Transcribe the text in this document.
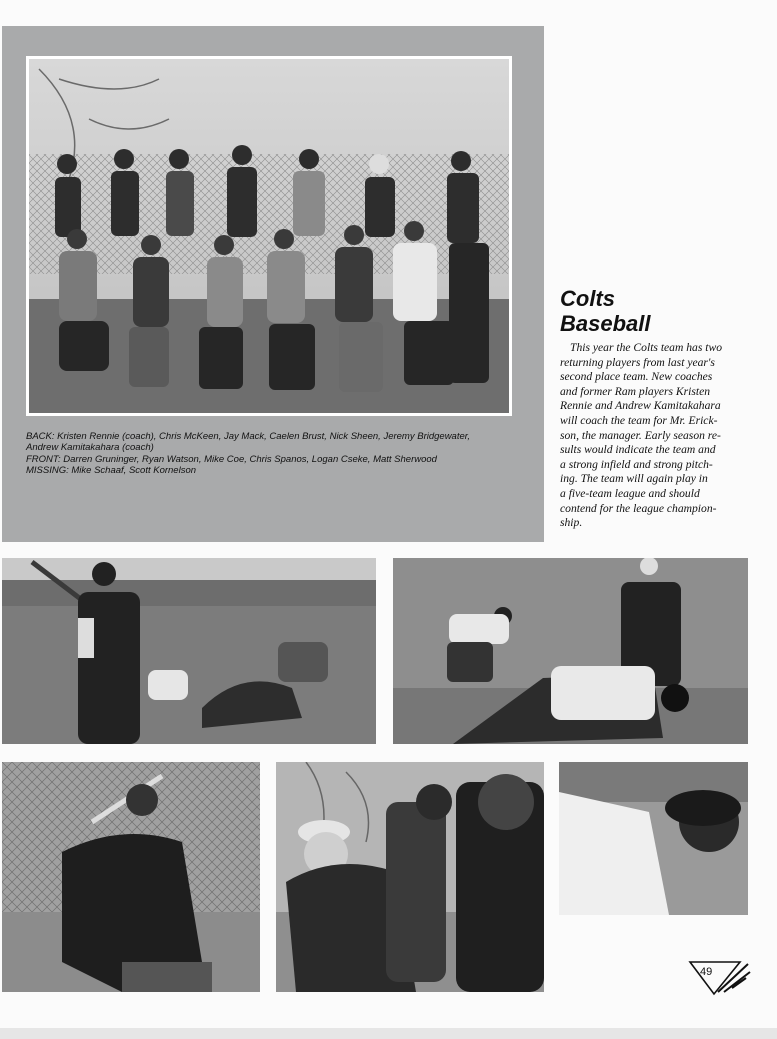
BACK: Kristen Rennie (coach), Chris McKeen, Jay Mack, Caelen Brust, Nick Sheen, Jeremy Bridgewater,
Andrew Kamitakahara (coach)
FRONT: Darren Gruninger, Ryan Watson, Mike Coe, Chris Spanos, Logan Cseke, Matt Sherwood
MISSING: Mike Schaaf, Scott Kornelson
Colts
Baseball
This year the Colts team has two
returning players from last year's
second place team. New coaches
and former Ram players Kristen
Rennie and Andrew Kamitakahara
will coach the team for Mr. Erick-
son, the manager. Early season re-
sults would indicate the team and
a strong infield and strong pitch-
ing. The team will again play in
a five-team league and should
contend for the league champion-
ship.
49
